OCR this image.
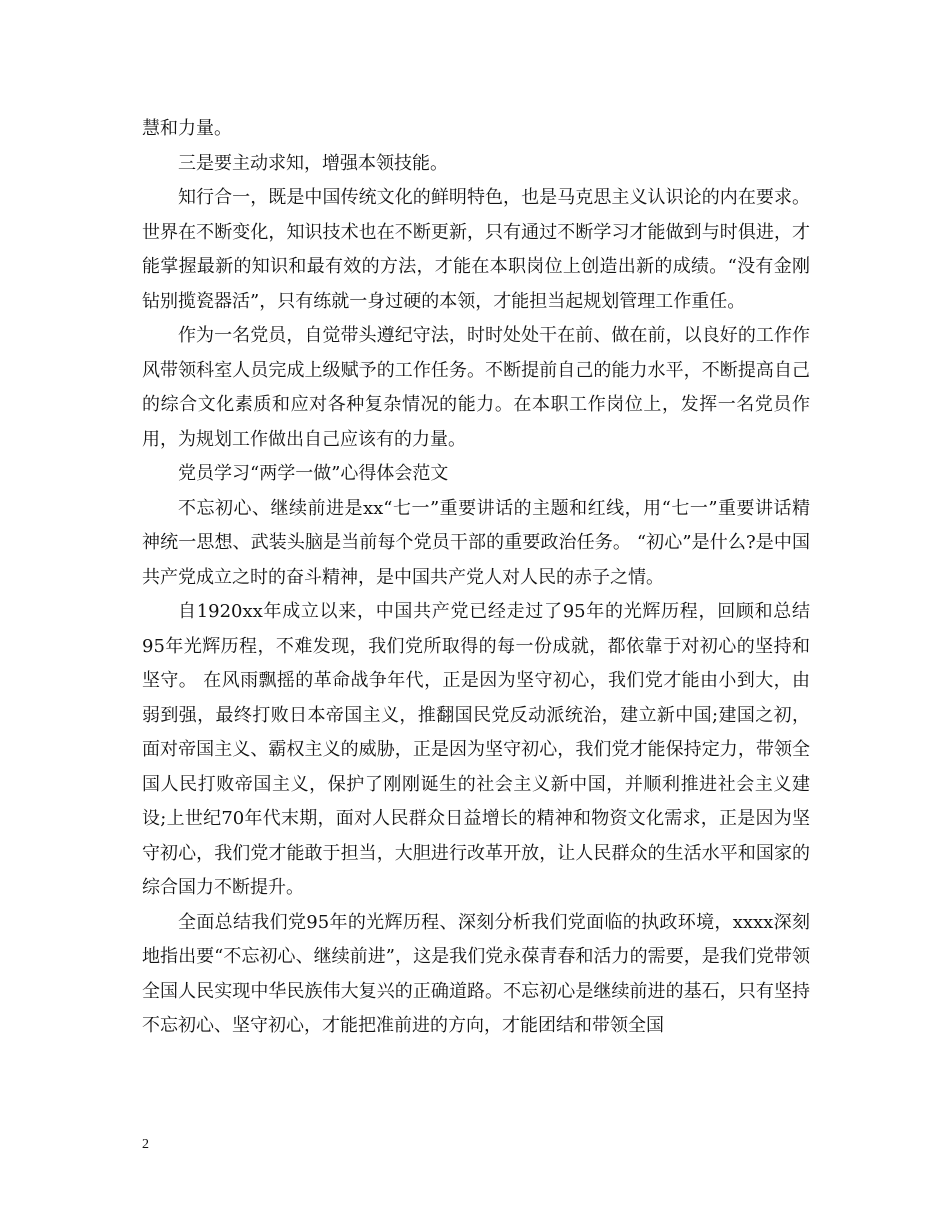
慧和力量。

三是要主动求知，增强本领技能。

知行合一，既是中国传统文化的鲜明特色，也是马克思主义认识论的内在要求。世界在不断变化，知识技术也在不断更新，只有通过不断学习才能做到与时俱进，才能掌握最新的知识和最有效的方法，才能在本职岗位上创造出新的成绩。“没有金刚钻别揽瓷器活”，只有练就一身过硬的本领，才能担当起规划管理工作重任。

作为一名党员，自觉带头遵纪守法，时时处处干在前、做在前，以良好的工作作风带领科室人员完成上级赋予的工作任务。不断提前自己的能力水平，不断提高自己的综合文化素质和应对各种复杂情况的能力。在本职工作岗位上，发挥一名党员作用，为规划工作做出自己应该有的力量。

党员学习“两学一做”心得体会范文

不忘初心、继续前进是xx“七一”重要讲话的主题和红线，用“七一”重要讲话精神统一思想、武装头脑是当前每个党员干部的重要政治任务。 “初心”是什么?是中国共产党成立之时的奋斗精神，是中国共产党人对人民的赤子之情。

自1920xx年成立以来，中国共产党已经走过了95年的光辉历程，回顾和总结95年光辉历程，不难发现，我们党所取得的每一份成就，都依靠于对初心的坚持和坚守。 在风雨飘摇的革命战争年代，正是因为坚守初心，我们党才能由小到大，由弱到强，最终打败日本帝国主义，推翻国民党反动派统治，建立新中国;建国之初，面对帝国主义、霸权主义的威胁，正是因为坚守初心，我们党才能保持定力，带领全国人民打败帝国主义，保护了刚刚诞生的社会主义新中国，并顺利推进社会主义建设;上世纪70年代末期，面对人民群众日益增长的精神和物资文化需求，正是因为坚守初心，我们党才能敢于担当，大胆进行改革开放，让人民群众的生活水平和国家的综合国力不断提升。

全面总结我们党95年的光辉历程、深刻分析我们党面临的执政环境，xxxx深刻地指出要“不忘初心、继续前进”，这是我们党永葆青春和活力的需要，是我们党带领全国人民实现中华民族伟大复兴的正确道路。不忘初心是继续前进的基石，只有坚持不忘初心、坚守初心，才能把准前进的方向，才能团结和带领全国

2
